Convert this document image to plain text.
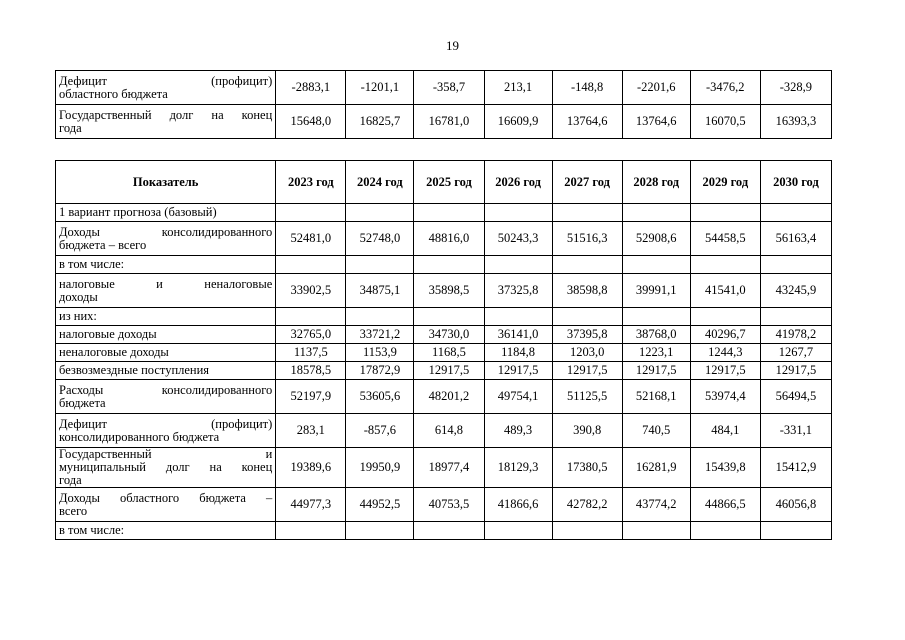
19
Дефицит (профицит)
областного бюджета	-2883,1	-1201,1	-358,7	213,1	-148,8	-2201,6	-3476,2	-328,9

Государственный долг на конец
года	15648,0	16825,7	16781,0	16609,9	13764,6	13764,6	16070,5	16393,3
Показатель	2023 год	2024 год	2025 год	2026 год	2027 год	2028 год	2029 год	2030 год
1 вариант прогноза (базовый)								

Доходы консолидированного
бюджета – всего	52481,0	52748,0	48816,0	50243,3	51516,3	52908,6	54458,5	56163,4
в том числе:								

налоговые и неналоговые
доходы	33902,5	34875,1	35898,5	37325,8	38598,8	39991,1	41541,0	43245,9
из них:								
налоговые доходы	32765,0	33721,2	34730,0	36141,0	37395,8	38768,0	40296,7	41978,2
неналоговые доходы	1137,5	1153,9	1168,5	1184,8	1203,0	1223,1	1244,3	1267,7
безвозмездные поступления	18578,5	17872,9	12917,5	12917,5	12917,5	12917,5	12917,5	12917,5

Расходы консолидированного
бюджета	52197,9	53605,6	48201,2	49754,1	51125,5	52168,1	53974,4	56494,5

Дефицит (профицит)
консолидированного бюджета	283,1	-857,6	614,8	489,3	390,8	740,5	484,1	-331,1

Государственный и
муниципальный долг на конец
года	19389,6	19950,9	18977,4	18129,3	17380,5	16281,9	15439,8	15412,9

Доходы областного бюджета –
всего	44977,3	44952,5	40753,5	41866,6	42782,2	43774,2	44866,5	46056,8
в том числе:								
